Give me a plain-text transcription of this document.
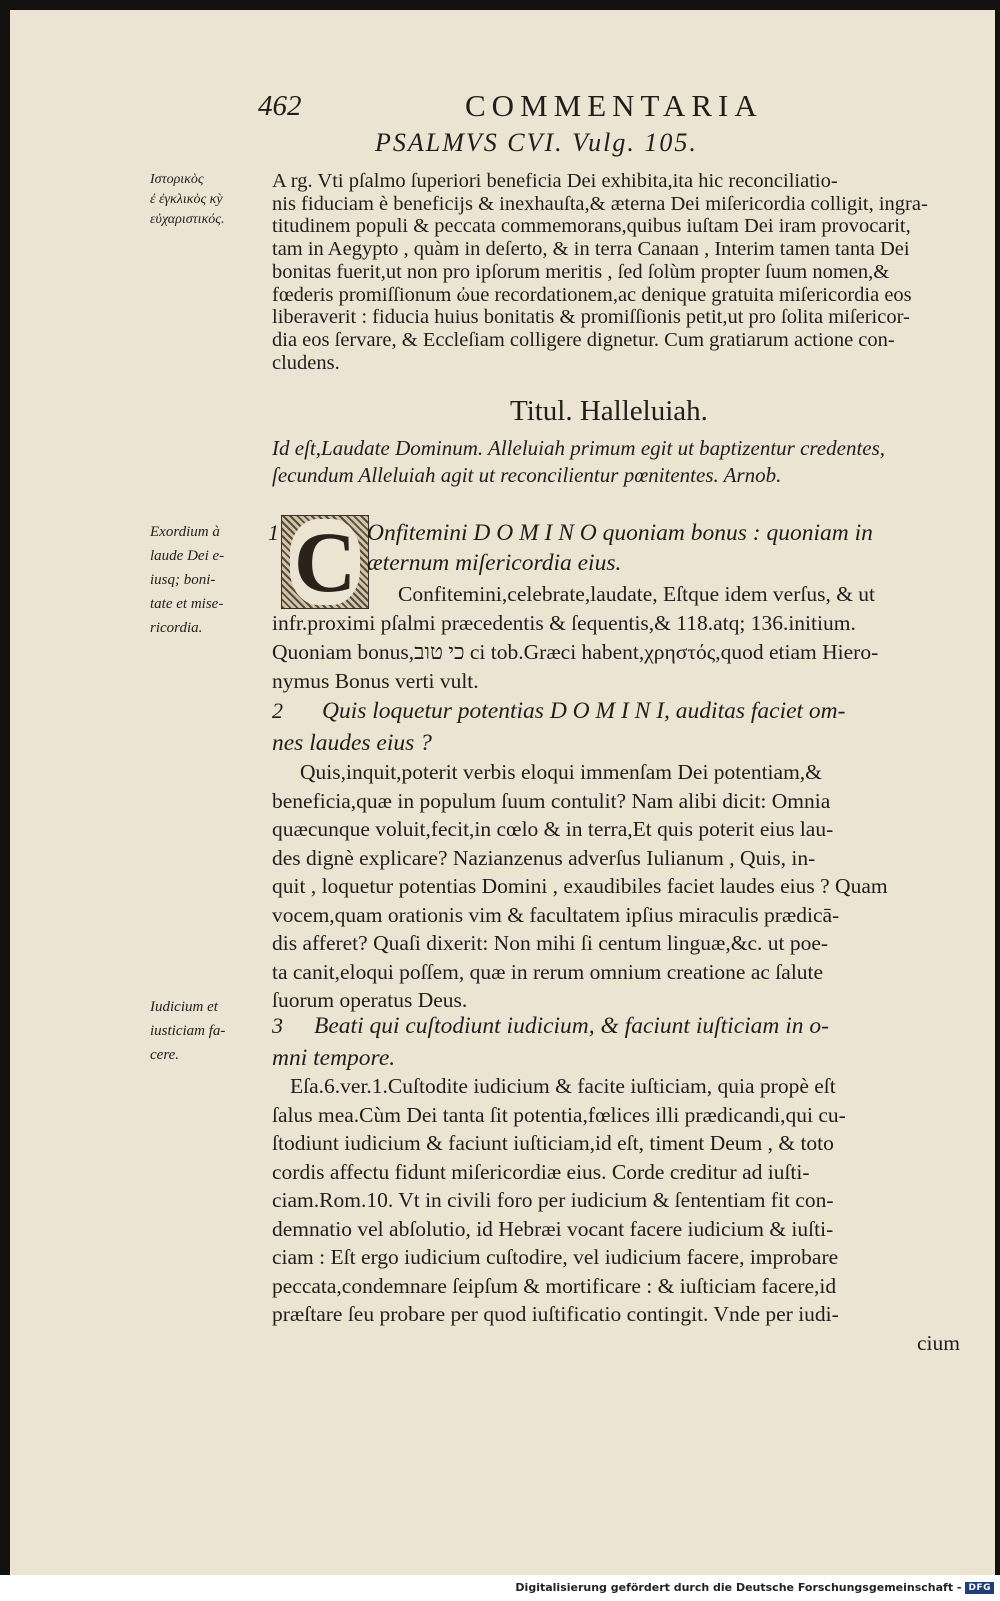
462	COMMENTARIA
PSALMVS CVI. Vulg. 105.
Ιστορικὸς
ἐ ἐγκλικὸς κỳ
εὐχαριστικός.
Exordium à
laude Dei e-
iusq; boni-
tate et mise-
ricordia.
Iudicium et
iusticiam fa-
cere.
A rg. Vti pſalmo ſuperiori beneficia Dei exhibita,ita hic reconciliatio-
nis fiduciam è beneficijs & inexhauſta,& æterna Dei miſericordia colligit, ingra-
titudinem populi & peccata commemorans,quibus iuſtam Dei iram provocarit,
tam in Aegypto , quàm in deſerto, & in terra Canaan , Interim tamen tanta Dei
bonitas fuerit,ut non pro ipſorum meritis , ſed ſolùm propter ſuum nomen,&
fœderis promiſſionum ὠue recordationem,ac denique gratuita miſericordia eos
liberaverit : fiducia huius bonitatis & promiſſionis petit,ut pro ſolita miſericor-
dia eos ſervare, & Eccleſiam colligere dignetur. Cum gratiarum actione con-
cludens.
Titul. Halleluiah.
Id eſt,Laudate Dominum. Alleluiah primum egit ut baptizentur credentes,
ſecundum Alleluiah agit ut reconcilientur pœnitentes. Arnob.
1 C Onfitemini D O M I N O quoniam bonus : quoniam in
æternum miſericordia eius.
Confitemini,celebrate,laudate, Eſtque idem verſus, & ut
infr.proximi pſalmi præcedentis & ſequentis,& 118.atq; 136.initium.
Quoniam bonus,כי טוב ci tob.Græci habent,χρηστός,quod etiam Hiero-
nymus Bonus verti vult.
2	Quis loquetur potentias D O M I N I, auditas faciet om-
nes laudes eius ?
Quis,inquit,poterit verbis eloqui immenſam Dei potentiam,&
beneficia,quæ in populum ſuum contulit? Nam alibi dicit: Omnia
quæcunque voluit,fecit,in cœlo & in terra,Et quis poterit eius lau-
des dignè explicare? Nazianzenus adverſus Iulianum , Quis, in-
quit , loquetur potentias Domini , exaudibiles faciet laudes eius ? Quam
vocem,quam orationis vim & facultatem ipſius miraculis prædicā-
dis afferet? Quaſi dixerit: Non mihi ſi centum linguæ,&c. ut poe-
ta canit,eloqui poſſem, quæ in rerum omnium creatione ac ſalute
ſuorum operatus Deus.
3	Beati qui cuſtodiunt iudicium, & faciunt iuſticiam in o-
mni tempore.
Eſa.6.ver.1.Cuſtodite iudicium & facite iuſticiam, quia propè eſt
ſalus mea.Cùm Dei tanta ſit potentia,fœlices illi prædicandi,qui cu-
ſtodiunt iudicium & faciunt iuſticiam,id eſt, timent Deum , & toto
cordis affectu fidunt miſericordiæ eius. Corde creditur ad iuſti-
ciam.Rom.10. Vt in civili foro per iudicium & ſententiam fit con-
demnatio vel abſolutio, id Hebræi vocant facere iudicium & iuſti-
ciam : Eſt ergo iudicium cuſtodire, vel iudicium facere, improbare
peccata,condemnare ſeipſum & mortificare : & iuſticiam facere,id
præſtare ſeu probare per quod iuſtificatio contingit. Vnde per iudi-
cium
Digitalisierung gefördert durch die Deutsche Forschungsgemeinschaft - DFG
